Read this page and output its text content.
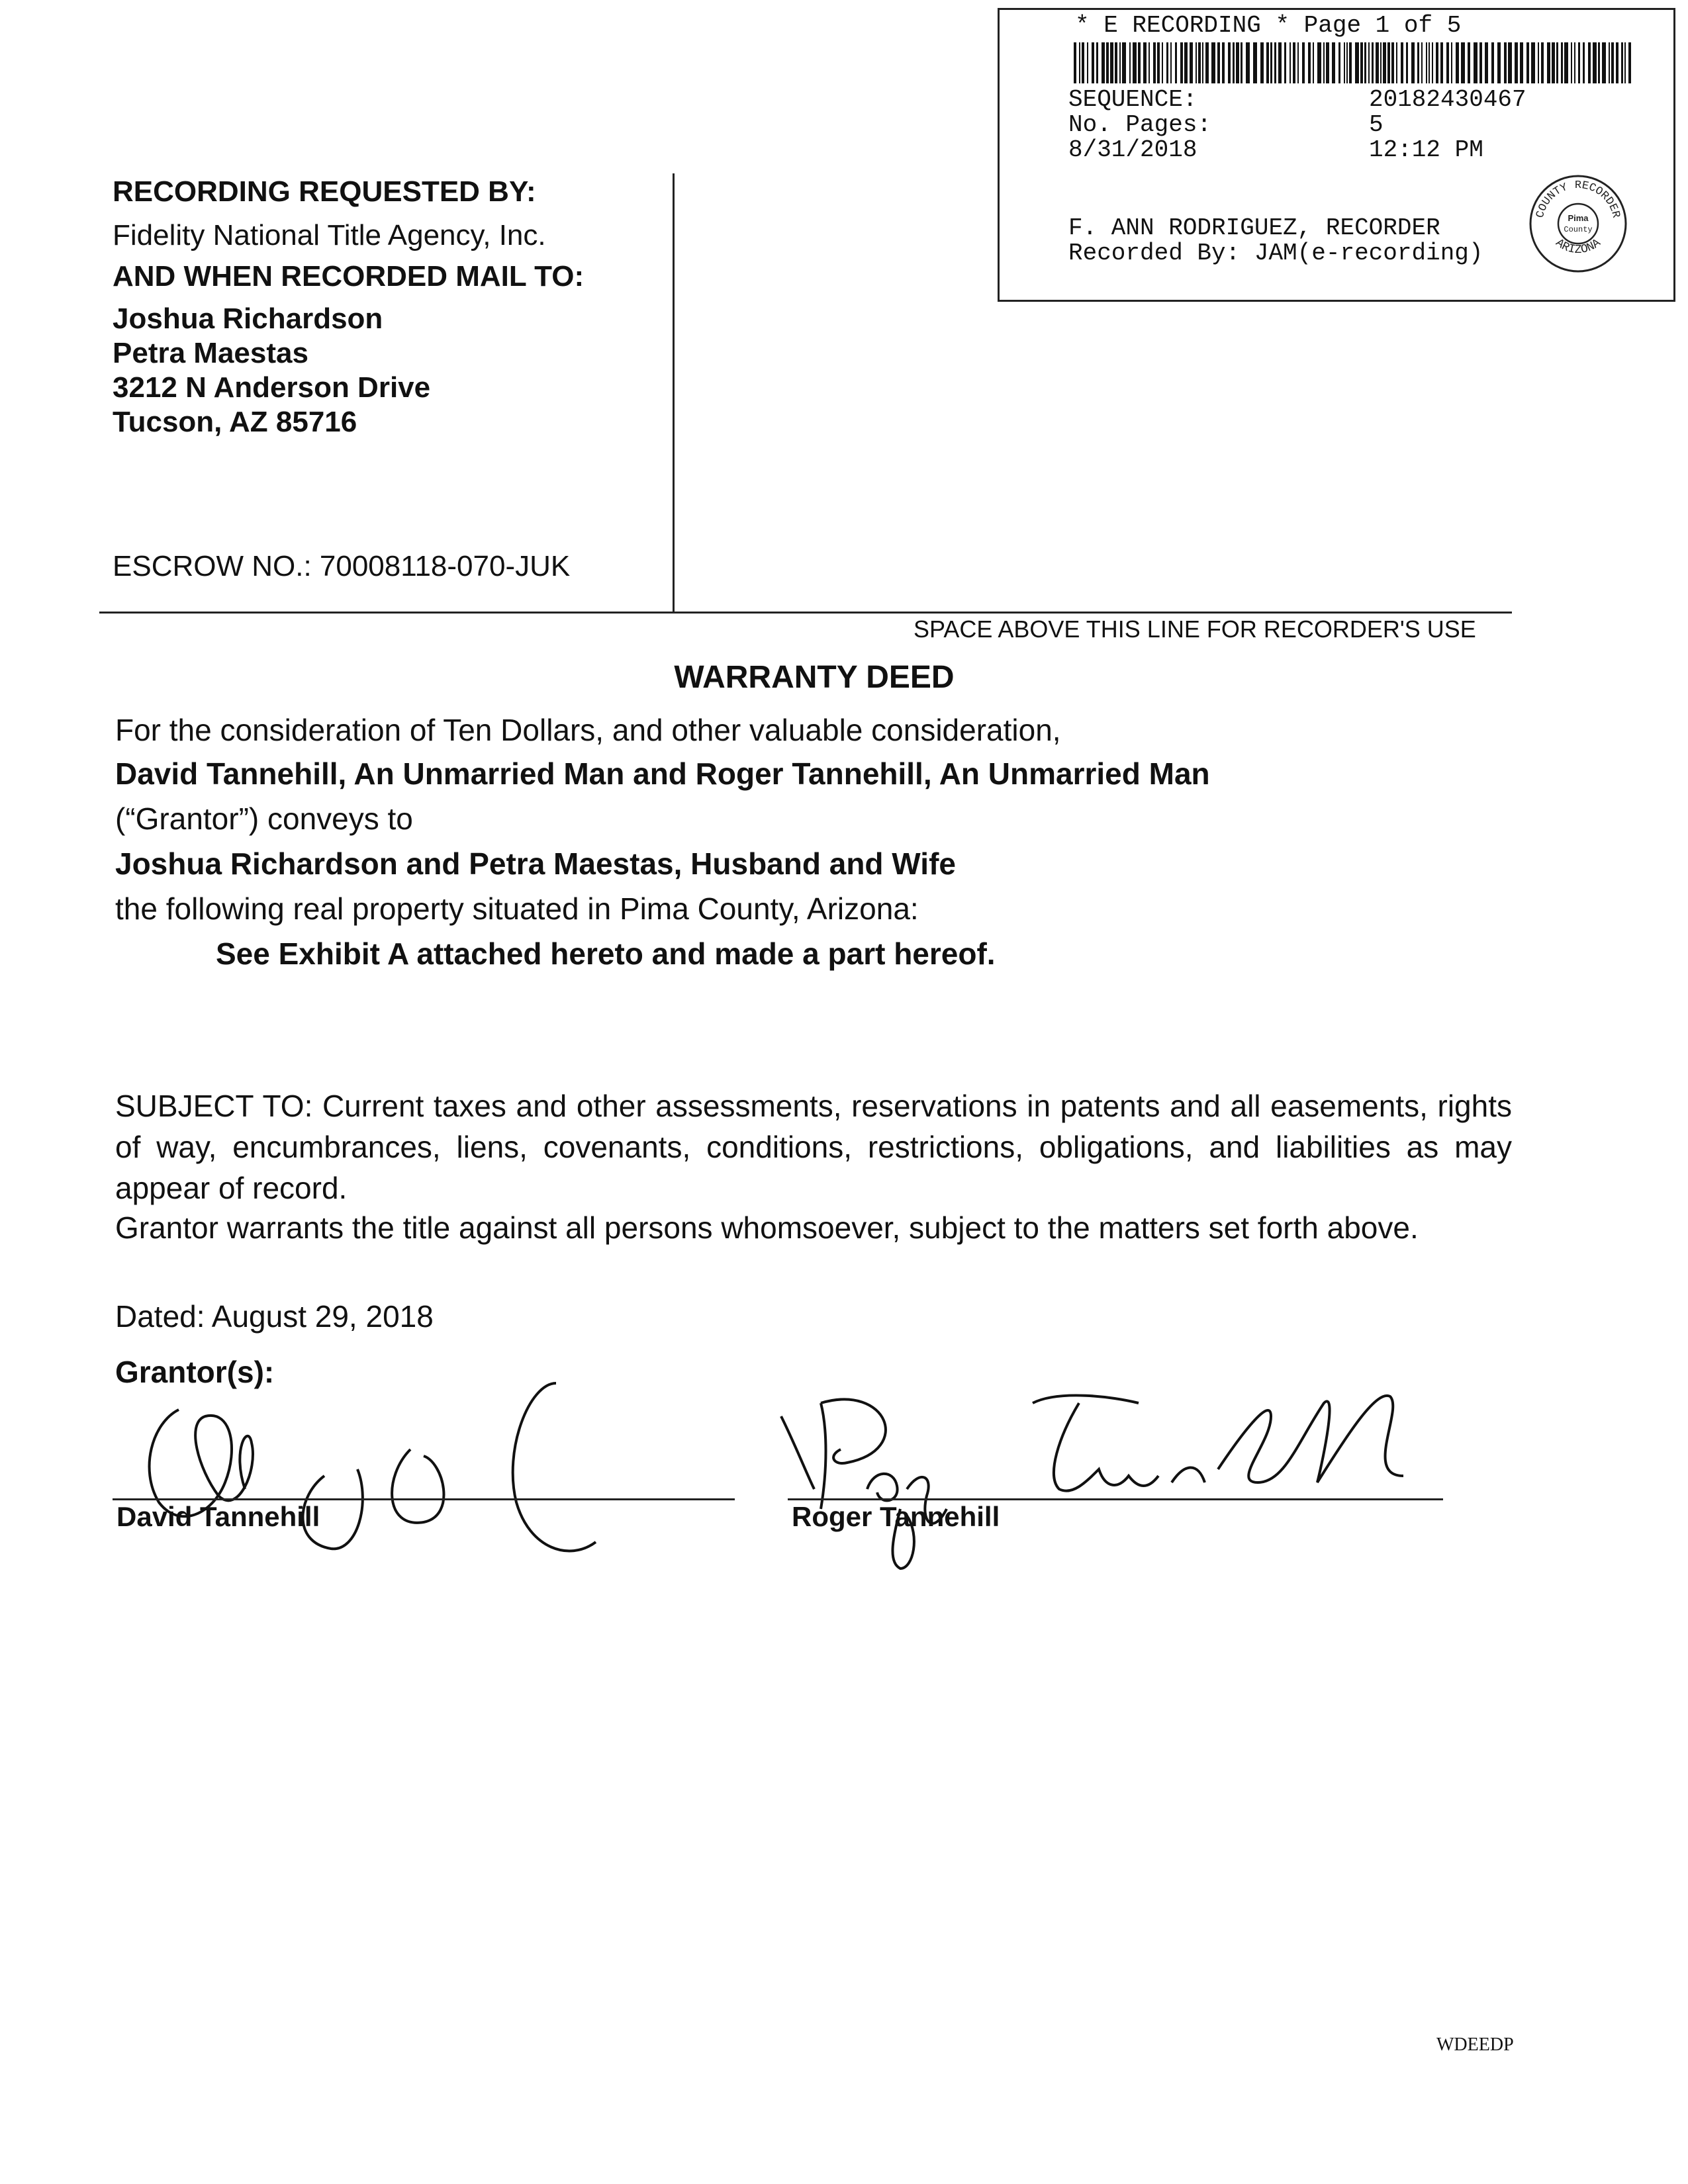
* E RECORDING * Page 1 of 5
SEQUENCE:	20182430467
No. Pages:	5
8/31/2018	12:12 PM
F. ANN RODRIGUEZ, RECORDER
Recorded By: JAM(e-recording)
COUNTY RECORDER
ARIZONA
Pima
County
RECORDING REQUESTED BY:
Fidelity National Title Agency, Inc.
AND WHEN RECORDED MAIL TO:
Joshua Richardson
Petra Maestas
3212 N Anderson Drive
Tucson, AZ 85716
ESCROW NO.: 70008118-070-JUK
SPACE ABOVE THIS LINE FOR RECORDER'S USE
WARRANTY DEED
For the consideration of Ten Dollars, and other valuable consideration,
David Tannehill, An Unmarried Man and Roger Tannehill, An Unmarried Man
(“Grantor”) conveys to
Joshua Richardson and Petra Maestas, Husband and Wife
the following real property situated in Pima County, Arizona:
See Exhibit A attached hereto and made a part hereof.
SUBJECT TO: Current taxes and other assessments, reservations in patents and all easements, rights of way, encumbrances, liens, covenants, conditions, restrictions, obligations, and liabilities as may appear of record.
Grantor warrants the title against all persons whomsoever, subject to the matters set forth above.
Dated: August 29, 2018
Grantor(s):
David Tannehill	Roger Tannehill
WDEEDP
